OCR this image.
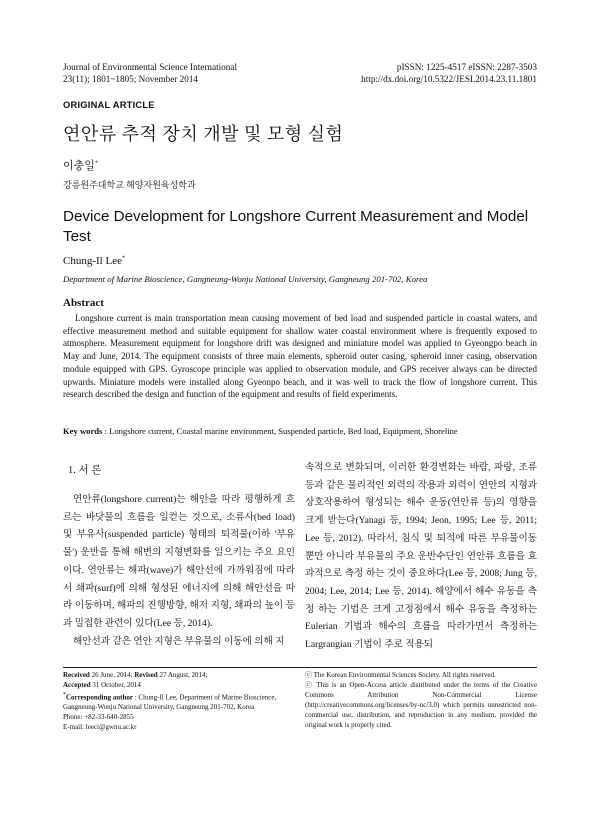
Journal of Environmental Science International
23(11); 1801~1805; November 2014
pISSN: 1225-4517 eISSN: 2287-3503
http://dx.doi.org/10.5322/JESI.2014.23.11.1801
ORIGINAL ARTICLE
연안류 추적 장치 개발 및 모형 실험
이충일*
강릉원주대학교 해양자원육성학과
Device Development for Longshore Current Measurement and Model Test
Chung-Il Lee*
Department of Marine Bioscience, Gangneung-Wonju National University, Gangneung 201-702, Korea
Abstract
Longshore current is main transportation mean causing movement of bed load and suspended particle in coastal waters, and effective measurement method and suitable equipment for shallow water coastal environment where is frequently exposed to atmosphere. Measurement equipment for longshore drift was designed and miniature model was applied to Gyeongpo beach in May and June, 2014. The equipment consists of three main elements, spheroid outer casing, spheroid inner casing, observation module equipped with GPS. Gyroscope principle was applied to observation module, and GPS receiver always can be directed upwards. Miniature models were installed along Gyeonpo beach, and it was well to track the flow of longshore current. This research described the design and function of the equipment and results of field experiments.
Key words : Longshore current, Coastal marine environment, Suspended particle, Bed load, Equipment, Shoreline
1. 서 론

연안류(longshore current)는 해안을 따라 평행하게 흐르는 바닷물의 흐름을 일컫는 것으로, 소류사(bed load) 및 부유사(suspended particle) 형태의 퇴적물(이하 '부유물') 운반을 통해 해변의 지형변화를 일으키는 주요 요인이다. 연안류는 해파(wave)가 해안선에 가까워짐에 따라서 쇄파(surf)에 의해 형성된 에너지에 의해 해안선을 따라 이동하며, 해파의 진행방향, 해저 지형, 쇄파의 높이 등과 밀접한 관련이 있다(Lee 등, 2014).

해안선과 같은 연안 지형은 부유물의 이동에 의해 지

속적으로 변화되며, 이러한 환경변화는 바람, 파랑, 조류 등과 같은 물리적인 외력의 작용과 외력이 연안의 지형과 상호작용하여 형성되는 해수 운동(연안류 등)의 영향을 크게 받는다(Yanagi 등, 1994; Jeon, 1995; Lee 등, 2011; Lee 등, 2012). 따라서, 침식 및 퇴적에 따른 부유물이동 뿐만 아니라 부유물의 주요 운반수단인 연안류 흐름을 효과적으로 측정 하는 것이 중요하다(Lee 등, 2008; Jung 등, 2004; Lee, 2014; Lee 등, 2014). 해양에서 해수 유동을 측정 하는 기법은 크게 고정점에서 해수 유동을 측정하는 Eulerian 기법과 해수의 흐름을 따라가면서 측정하는 Largrangian 기법이 주로 적용되

Received 26 June, 2014; Revised 27 August, 2014;
Accepted 31 October, 2014
*Corresponding author : Chung-Il Lee, Department of Marine Bioscience,
Gangneung-Wonju National University, Gangneung 201-702, Korea
Phone: +82-33-640-2855
E-mail: leeci@gwnu.ac.kr
ⓒ The Korean Environmental Sciences Society. All rights reserved.
ⓒ This is an Open-Access article distributed under the terms of the Creative Commons Attribution Non-Commercial License (http://creativecommons.org/licenses/by-nc/3.0) which permits unrestricted non-commercial use, distribution, and reproduction in any medium, provided the original work is properly cited.
